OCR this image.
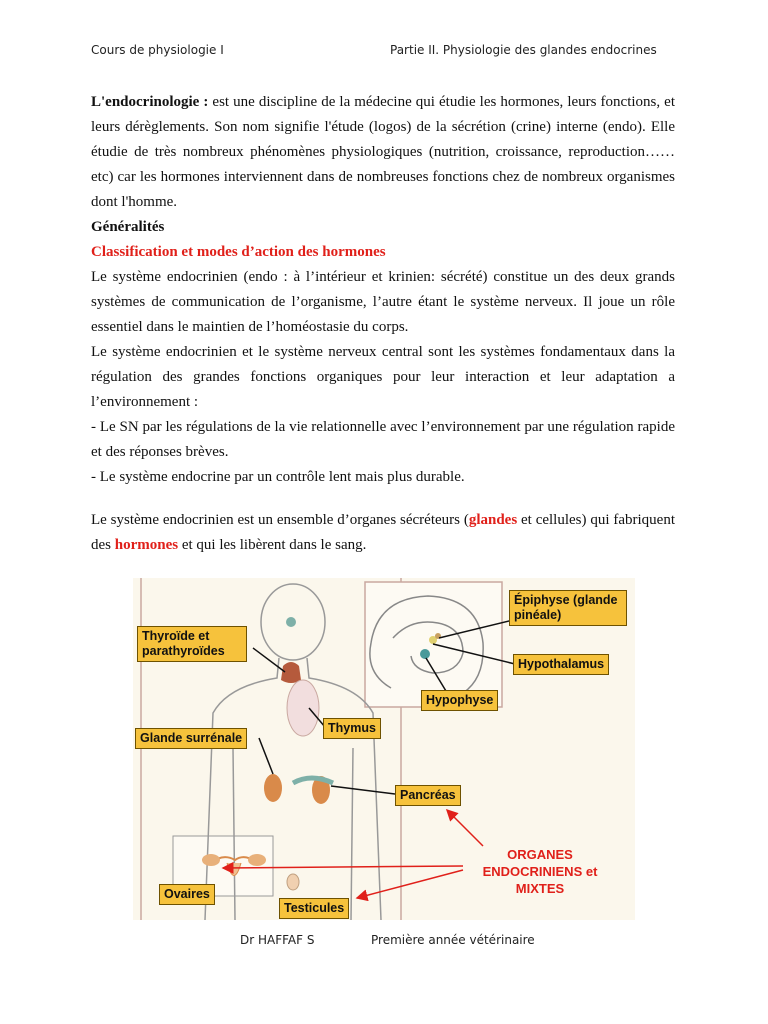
Cours de physiologie I	Partie II. Physiologie des glandes endocrines

L'endocrinologie : est une discipline de la médecine qui étudie les hormones, leurs fonctions, et leurs dérèglements. Son nom signifie l'étude (logos) de la sécrétion (crine) interne (endo). Elle étudie de très nombreux phénomènes physiologiques (nutrition, croissance, reproduction……etc) car les hormones interviennent dans de nombreuses fonctions chez de nombreux organismes dont l'homme.

Généralités

Classification et modes d’action des hormones

Le système endocrinien (endo : à l’intérieur et krinien: sécrété) constitue un des deux grands systèmes de communication de l’organisme, l’autre étant le système nerveux. Il joue un rôle essentiel dans le maintien de l’homéostasie du corps.

Le système endocrinien et le système nerveux central sont les systèmes fondamentaux dans la régulation des grandes fonctions organiques pour leur interaction et leur adaptation a l’environnement :

- Le SN par les régulations de la vie relationnelle avec l’environnement par une régulation rapide et des réponses brèves.

- Le système endocrine par un contrôle lent mais plus durable.

Le système endocrinien est un ensemble d’organes sécréteurs (glandes et cellules) qui fabriquent des hormones et qui les libèrent dans le sang.

Thyroïde et parathyroïdes
Épiphyse (glande pinéale)
Hypothalamus
Hypophyse
Thymus
Glande surrénale
Pancréas
Ovaires
Testicules
ORGANES ENDOCRINIENS et MIXTES
Dr HAFFAF S	Première année vétérinaire
